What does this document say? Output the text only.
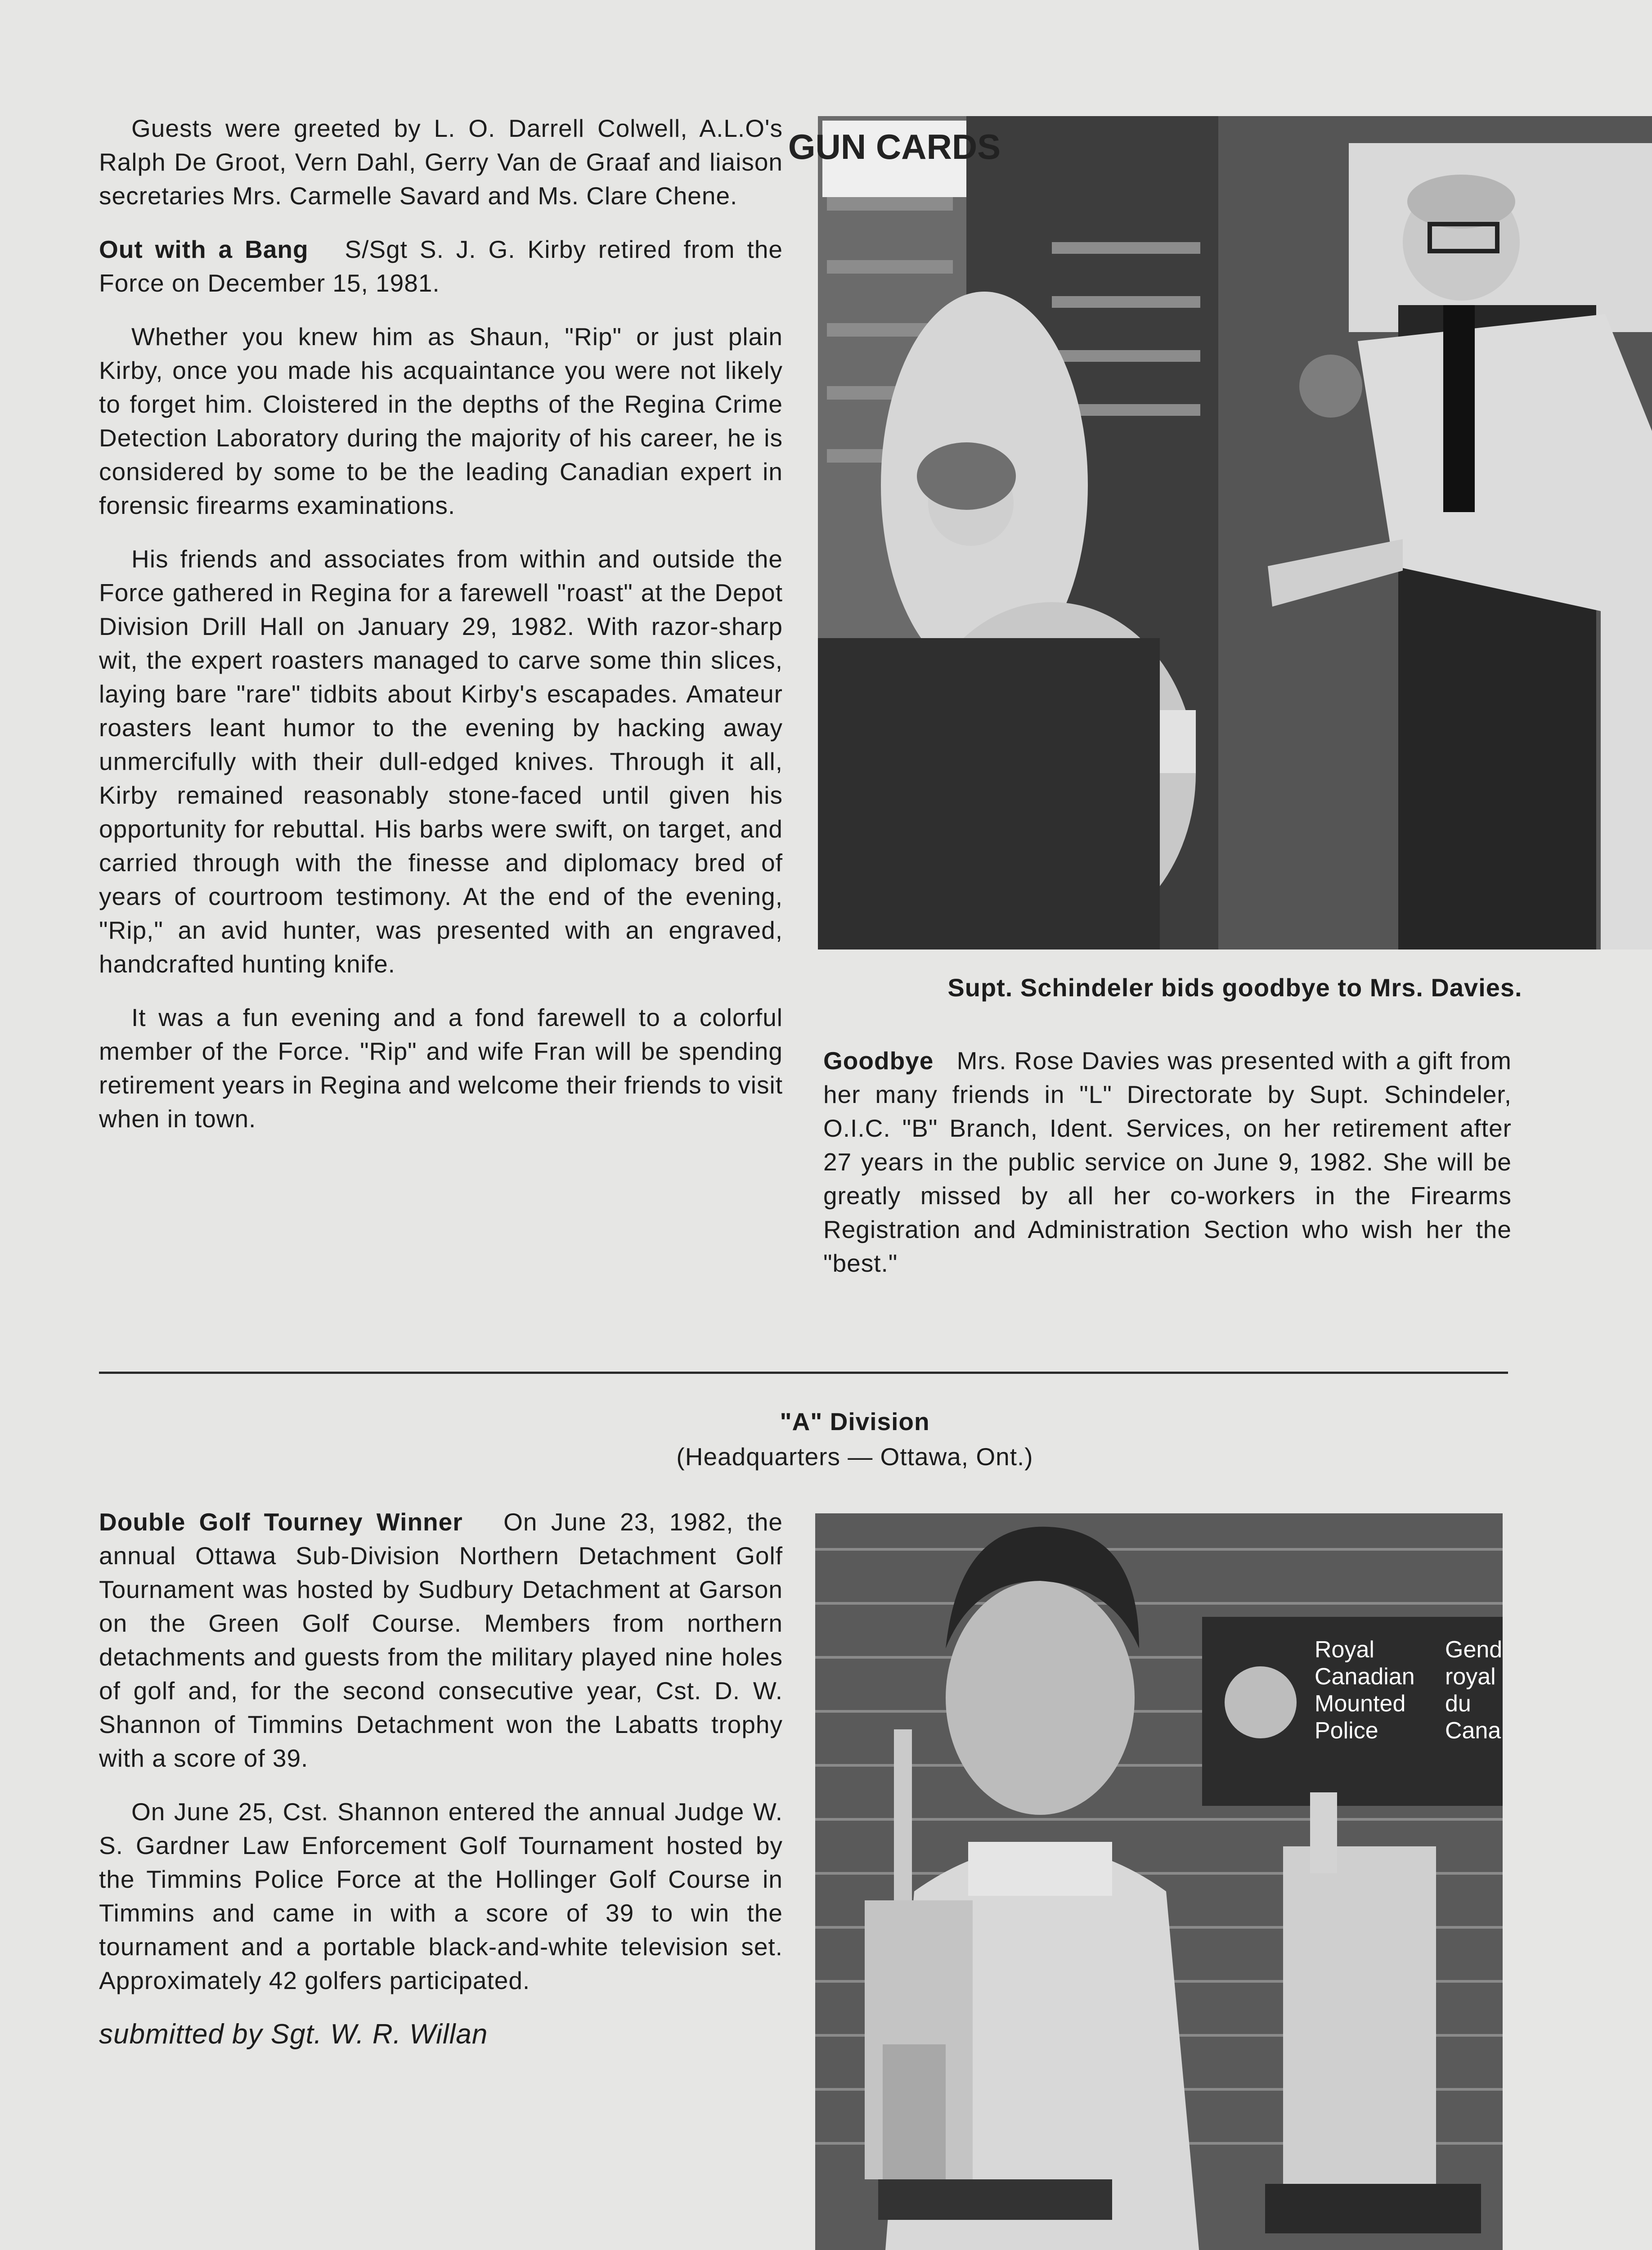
Guests were greeted by L. O. Darrell Colwell, A.L.O's Ralph De Groot, Vern Dahl, Gerry Van de Graaf and liaison secretaries Mrs. Carmelle Savard and Ms. Clare Chene.

Out with a Bang S/Sgt S. J. G. Kirby retired from the Force on December 15, 1981.

Whether you knew him as Shaun, "Rip" or just plain Kirby, once you made his acquaintance you were not likely to forget him. Cloistered in the depths of the Regina Crime Detection Laboratory during the majority of his career, he is considered by some to be the leading Canadian expert in forensic firearms examinations.

His friends and associates from within and outside the Force gathered in Regina for a farewell "roast" at the Depot Division Drill Hall on January 29, 1982. With razor-sharp wit, the expert roasters managed to carve some thin slices, laying bare "rare" tidbits about Kirby's escapades. Amateur roasters leant humor to the evening by hacking away unmercifully with their dull-edged knives. Through it all, Kirby remained reasonably stone-faced until given his opportunity for rebuttal. His barbs were swift, on target, and carried through with the finesse and diplomacy bred of years of courtroom testimony. At the end of the evening, "Rip," an avid hunter, was presented with an engraved, handcrafted hunting knife.

It was a fun evening and a fond farewell to a colorful member of the Force. "Rip" and wife Fran will be spending retirement years in Regina and welcome their friends to visit when in town.

GUN CARDS
Supt. Schindeler bids goodbye to Mrs. Davies.

Goodbye Mrs. Rose Davies was presented with a gift from her many friends in "L" Directorate by Supt. Schindeler, O.I.C. "B" Branch, Ident. Services, on her retirement after 27 years in the public service on June 9, 1982. She will be greatly missed by all her co-workers in the Firearms Registration and Administration Section who wish her the "best."

"A" Division
(Headquarters — Ottawa, Ont.)

Double Golf Tourney Winner On June 23, 1982, the annual Ottawa Sub-Division Northern Detachment Golf Tournament was hosted by Sudbury Detachment at Garson on the Green Golf Course. Members from northern detachments and guests from the military played nine holes of golf and, for the second consecutive year, Cst. D. W. Shannon of Timmins Detachment won the Labatts trophy with a score of 39.

On June 25, Cst. Shannon entered the annual Judge W. S. Gardner Law Enforcement Golf Tournament hosted by the Timmins Police Force at the Hollinger Golf Course in Timmins and came in with a score of 39 to win the tournament and a portable black-and-white television set. Approximately 42 golfers participated.

submitted by Sgt. W. R. Willan

Royal
Canadian
Mounted
Police
Gend
royal
du
Cana
